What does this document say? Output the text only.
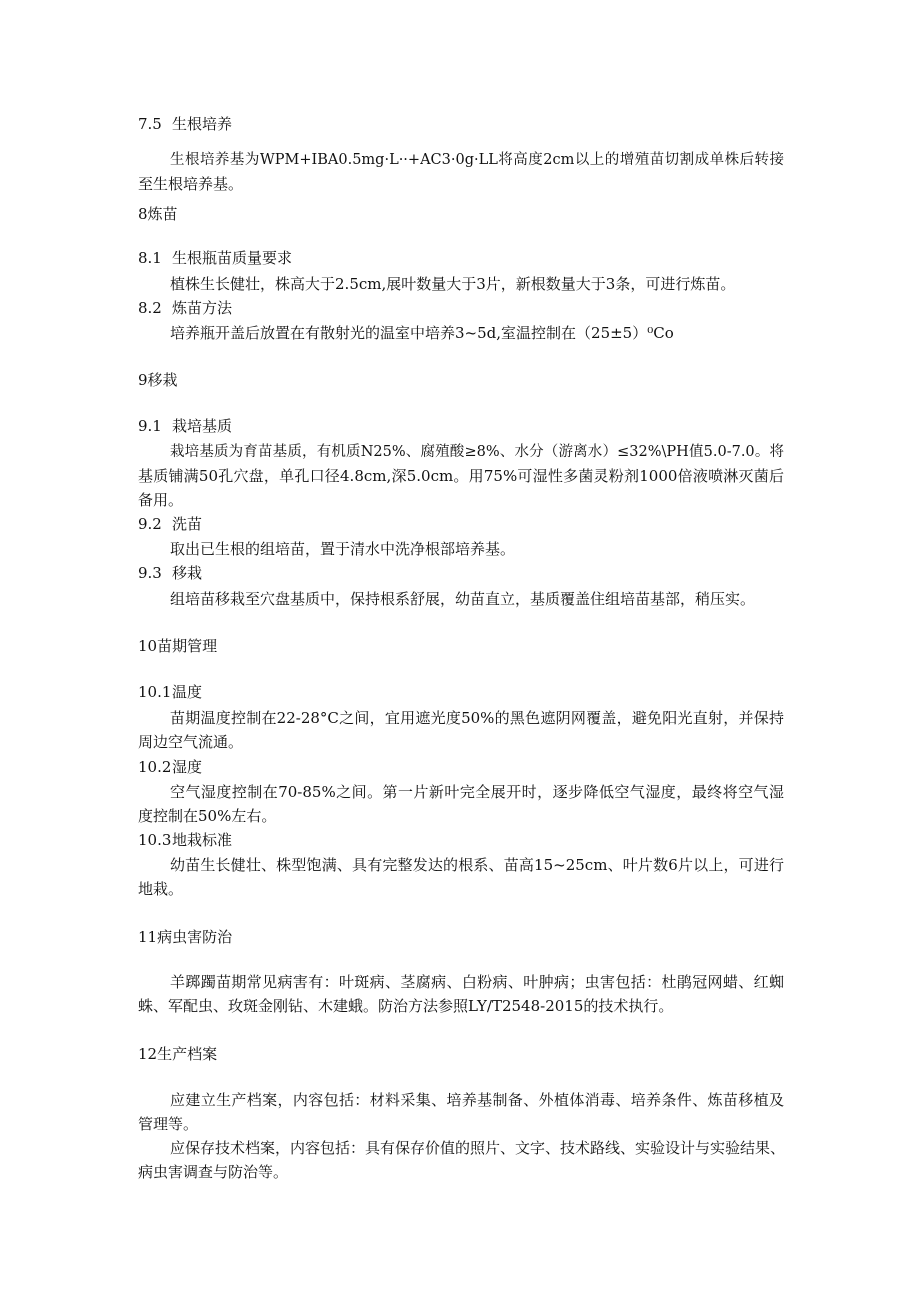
7.5 生根培养
生根培养基为WPM+IBA0.5mg·L··+AC3·0g·LL将高度2cm以上的增殖苗切割成单株后转接
至生根培养基。
8炼苗
8.1 生根瓶苗质量要求
植株生长健壮，株高大于2.5cm,展叶数量大于3片，新根数量大于3条，可进行炼苗。
8.2 炼苗方法
培养瓶开盖后放置在有散射光的温室中培养3~5d,室温控制在（25±5）⁰Co
9移栽
9.1 栽培基质
栽培基质为育苗基质，有机质N25%、腐殖酸≥8%、水分（游离水）≤32%\PH值5.0-7.0。将
基质铺满50孔穴盘，单孔口径4.8cm,深5.0cm。用75%可湿性多菌灵粉剂1000倍液喷淋灭菌后
备用。
9.2 洗苗
取出已生根的组培苗，置于清水中洗净根部培养基。
9.3 移栽
组培苗移栽至穴盘基质中，保持根系舒展，幼苗直立，基质覆盖住组培苗基部，稍压实。
10苗期管理
10.1温度
苗期温度控制在22-28°C之间，宜用遮光度50%的黑色遮阴网覆盖，避免阳光直射，并保持
周边空气流通。
10.2湿度
空气湿度控制在70-85%之间。第一片新叶完全展开时，逐步降低空气湿度，最终将空气湿
度控制在50%左右。
10.3地栽标准
幼苗生长健壮、株型饱满、具有完整发达的根系、苗高15~25cm、叶片数6片以上，可进行
地栽。
11病虫害防治
羊踯躅苗期常见病害有：叶斑病、茎腐病、白粉病、叶肿病；虫害包括：杜鹃冠网蜡、红蜘
蛛、军配虫、玫斑金刚钻、木建蛾。防治方法参照LY/T2548-2015的技术执行。
12生产档案
应建立生产档案，内容包括：材料采集、培养基制备、外植体消毒、培养条件、炼苗移植及
管理等。
应保存技术档案，内容包括：具有保存价值的照片、文字、技术路线、实验设计与实验结果、
病虫害调查与防治等。
